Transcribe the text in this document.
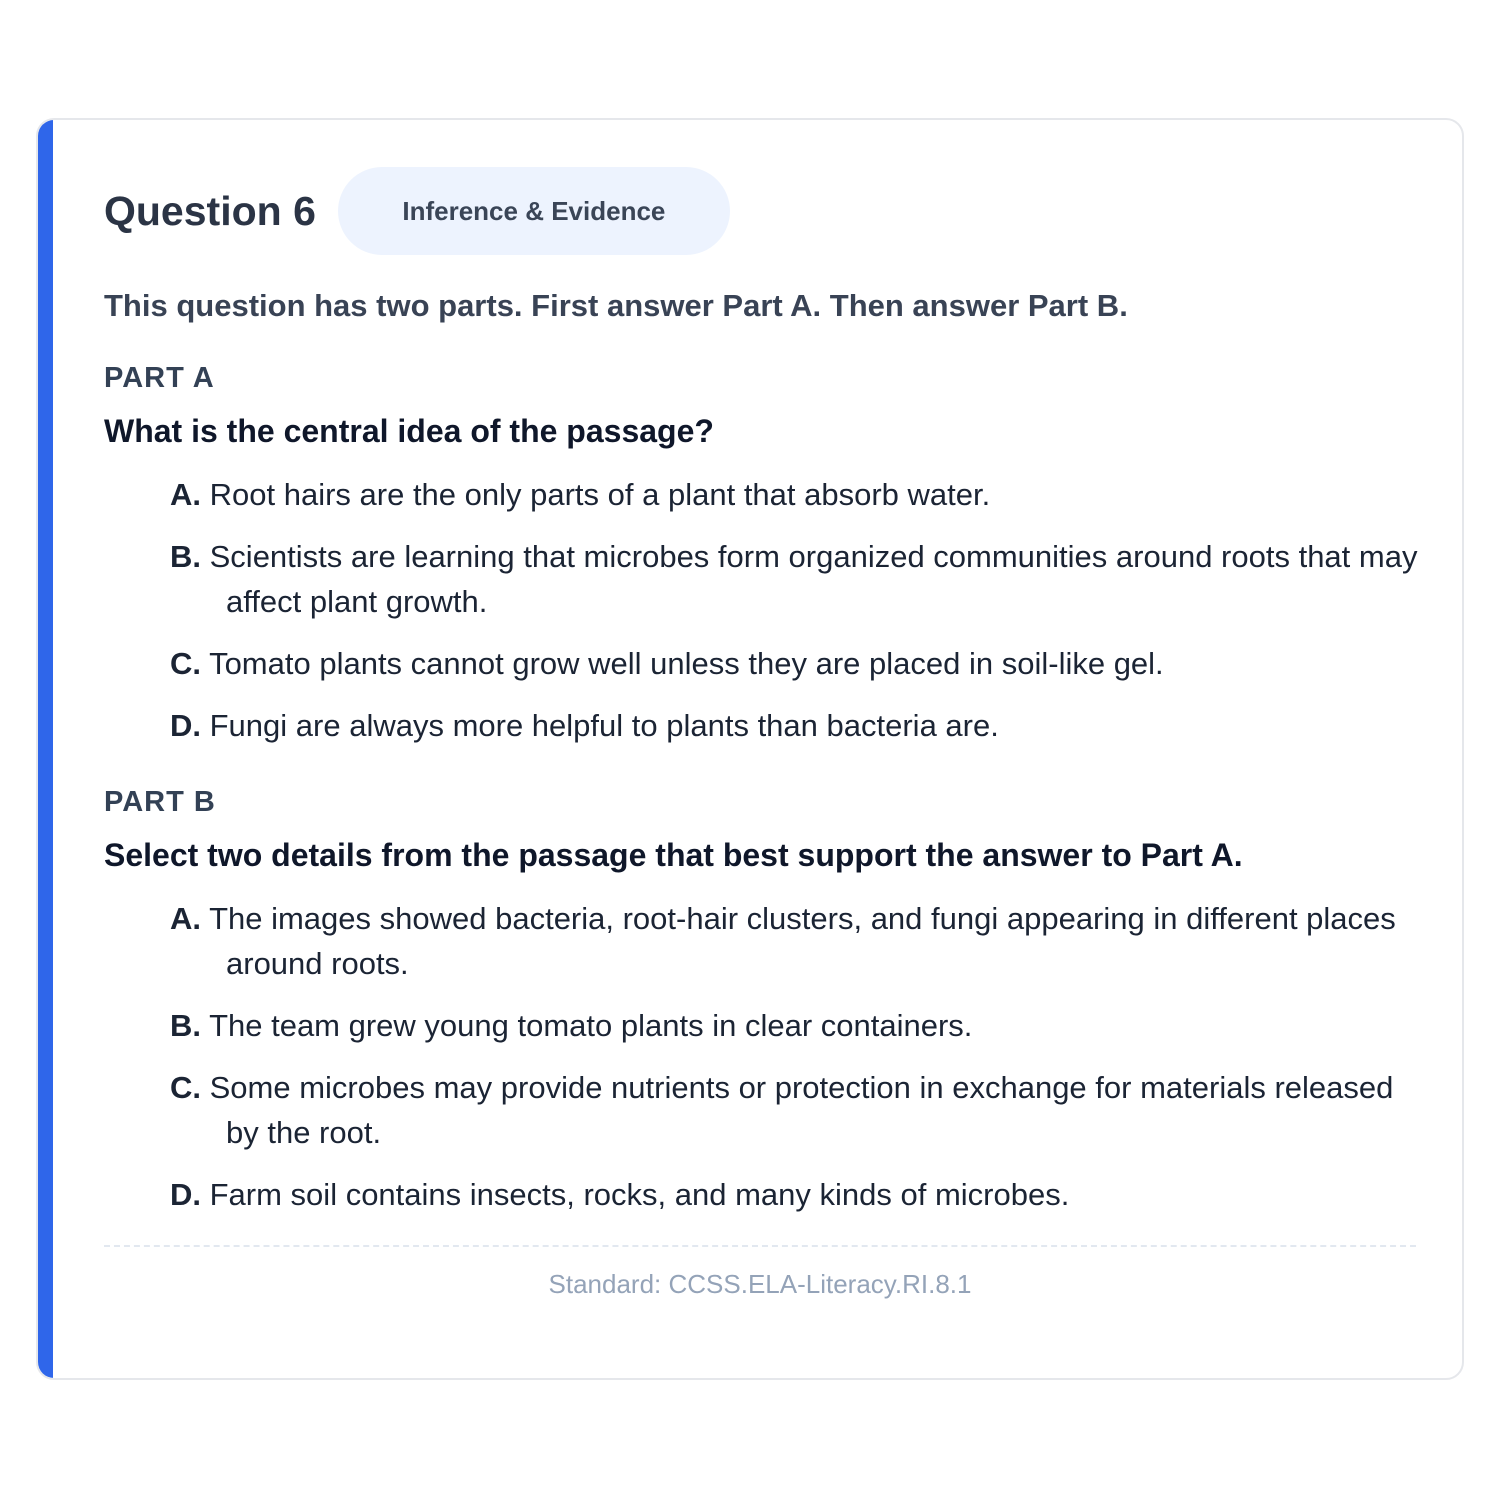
Question 6	Inference & Evidence
This question has two parts. First answer Part A. Then answer Part B.
PART A
What is the central idea of the passage?
A. Root hairs are the only parts of a plant that absorb water.
B. Scientists are learning that microbes form organized communities around roots that may affect plant growth.
C. Tomato plants cannot grow well unless they are placed in soil-like gel.
D. Fungi are always more helpful to plants than bacteria are.
PART B
Select two details from the passage that best support the answer to Part A.
A. The images showed bacteria, root-hair clusters, and fungi appearing in different places around roots.
B. The team grew young tomato plants in clear containers.
C. Some microbes may provide nutrients or protection in exchange for materials released by the root.
D. Farm soil contains insects, rocks, and many kinds of microbes.
Standard: CCSS.ELA-Literacy.RI.8.1
